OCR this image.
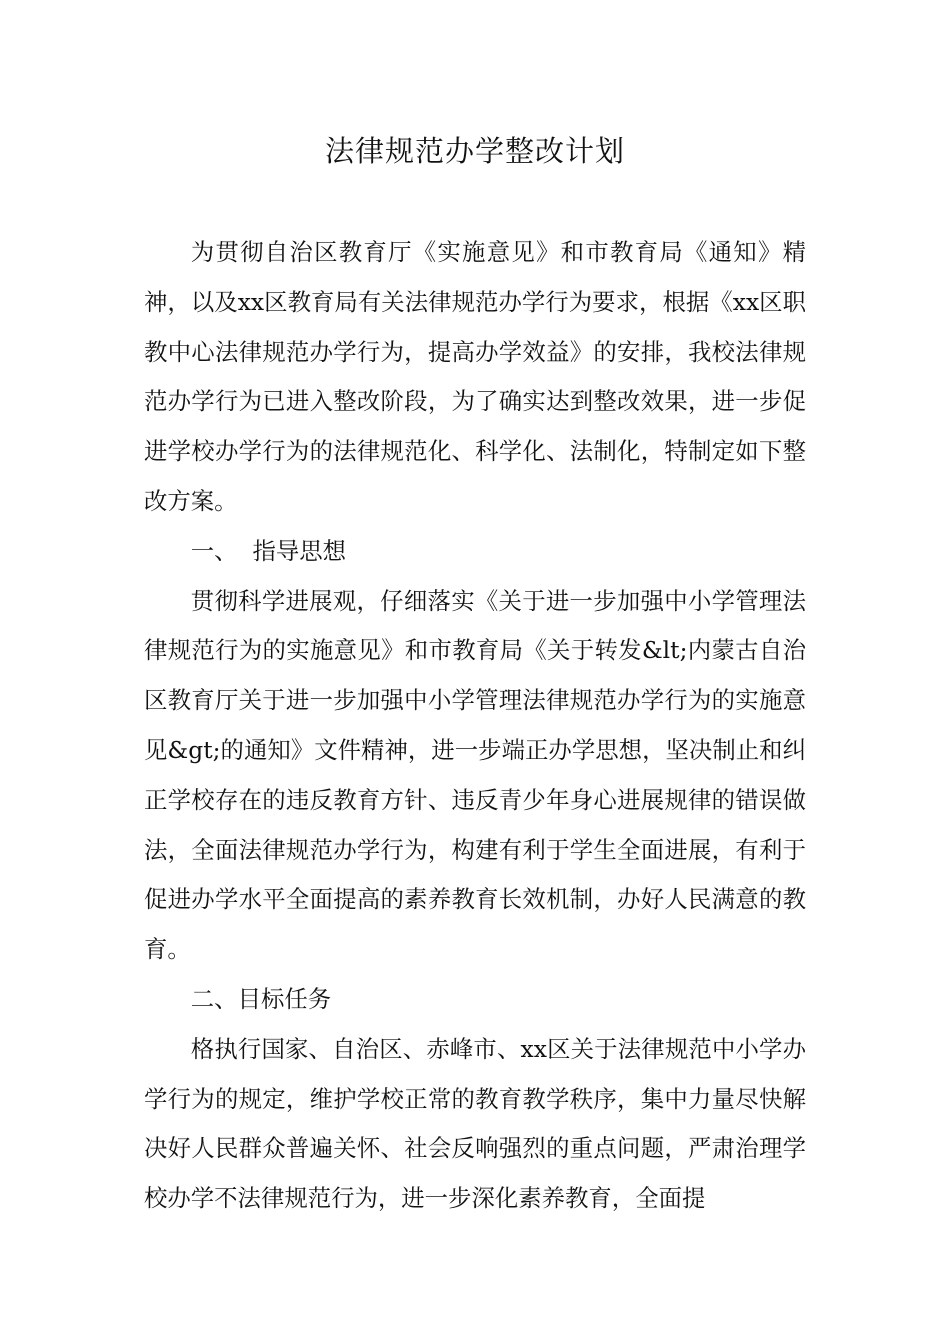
法律规范办学整改计划

为贯彻自治区教育厅《实施意见》和市教育局《通知》精神，以及xx区教育局有关法律规范办学行为要求，根据《xx区职教中心法律规范办学行为，提高办学效益》的安排，我校法律规范办学行为已进入整改阶段，为了确实达到整改效果，进一步促进学校办学行为的法律规范化、科学化、法制化，特制定如下整改方案。

一、  指导思想

贯彻科学进展观，仔细落实《关于进一步加强中小学管理法律规范行为的实施意见》和市教育局《关于转发&lt;内蒙古自治区教育厅关于进一步加强中小学管理法律规范办学行为的实施意见&gt;的通知》文件精神，进一步端正办学思想，坚决制止和纠正学校存在的违反教育方针、违反青少年身心进展规律的错误做法，全面法律规范办学行为，构建有利于学生全面进展，有利于促进办学水平全面提高的素养教育长效机制，办好人民满意的教育。

二、目标任务

格执行国家、自治区、赤峰市、xx区关于法律规范中小学办学行为的规定，维护学校正常的教育教学秩序，集中力量尽快解决好人民群众普遍关怀、社会反响强烈的重点问题，严肃治理学校办学不法律规范行为，进一步深化素养教育，全面提
